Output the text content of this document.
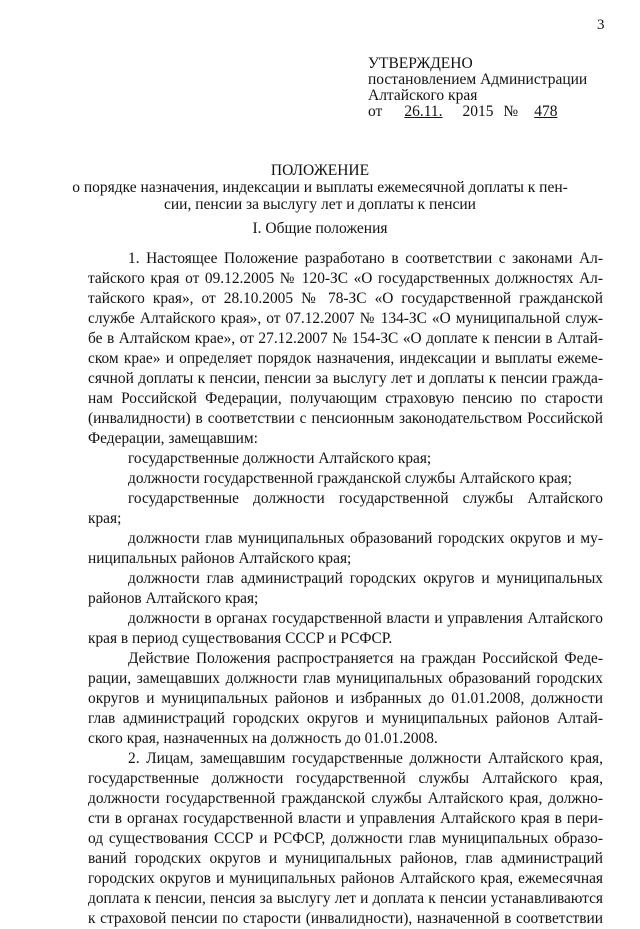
3
УТВЕРЖДЕНО
постановлением Администрации
Алтайского края
от 26.11. 2015 № 478
ПОЛОЖЕНИЕ
о порядке назначения, индексации и выплаты ежемесячной доплаты к пен-
сии, пенсии за выслугу лет и доплаты к пенсии
I. Общие положения
1. Настоящее Положение разработано в соответствии с законами Ал-
тайского края от 09.12.2005 № 120-ЗС «О государственных должностях Ал-
тайского края», от 28.10.2005 № 78-ЗС «О государственной гражданской
службе Алтайского края», от 07.12.2007 № 134-ЗС «О муниципальной служ-
бе в Алтайском крае», от 27.12.2007 № 154-ЗС «О доплате к пенсии в Алтай-
ском крае» и определяет порядок назначения, индексации и выплаты ежеме-
сячной доплаты к пенсии, пенсии за выслугу лет и доплаты к пенсии гражда-
нам Российской Федерации, получающим страховую пенсию по старости
(инвалидности) в соответствии с пенсионным законодательством Российской
Федерации, замещавшим:
государственные должности Алтайского края;
должности государственной гражданской службы Алтайского края;
государственные должности государственной службы Алтайского
края;
должности глав муниципальных образований городских округов и му-
ниципальных районов Алтайского края;
должности глав администраций городских округов и муниципальных
районов Алтайского края;
должности в органах государственной власти и управления Алтайского
края в период существования СССР и РСФСР.
Действие Положения распространяется на граждан Российской Феде-
рации, замещавших должности глав муниципальных образований городских
округов и муниципальных районов и избранных до 01.01.2008, должности
глав администраций городских округов и муниципальных районов Алтай-
ского края, назначенных на должность до 01.01.2008.
2. Лицам, замещавшим государственные должности Алтайского края,
государственные должности государственной службы Алтайского края,
должности государственной гражданской службы Алтайского края, должно-
сти в органах государственной власти и управления Алтайского края в пери-
од существования СССР и РСФСР, должности глав муниципальных образо-
ваний городских округов и муниципальных районов, глав администраций
городских округов и муниципальных районов Алтайского края, ежемесячная
доплата к пенсии, пенсия за выслугу лет и доплата к пенсии устанавливаются
к страховой пенсии по старости (инвалидности), назначенной в соответствии
